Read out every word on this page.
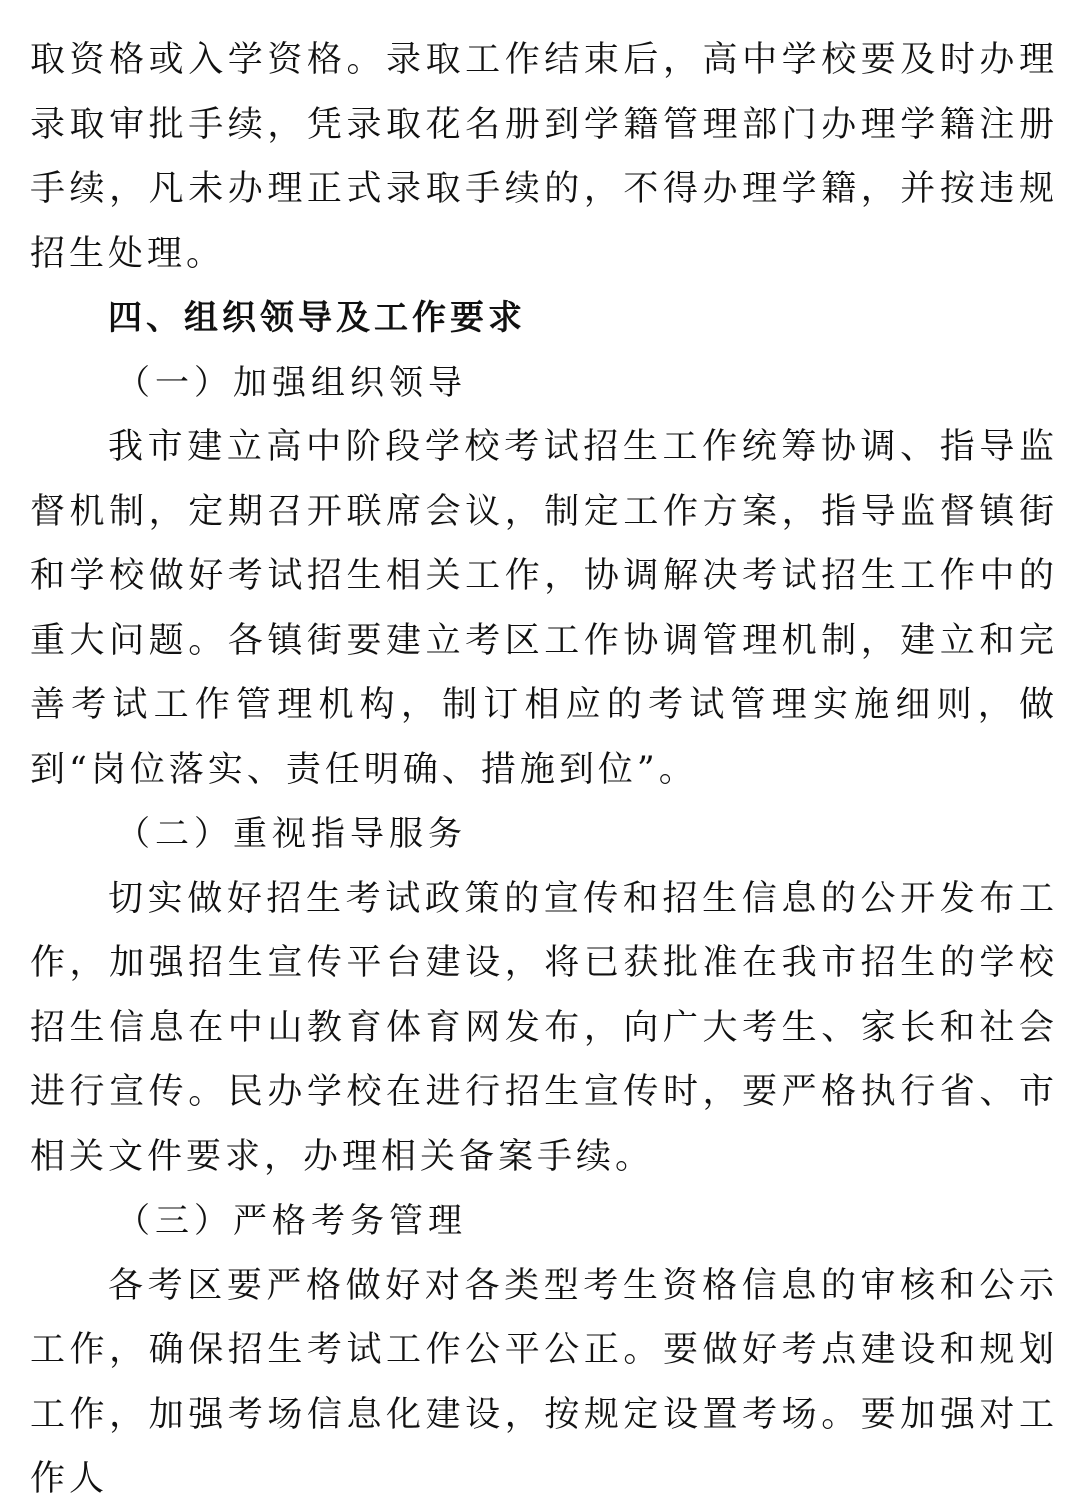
取资格或入学资格。录取工作结束后，高中学校要及时办理录取审批手续，凭录取花名册到学籍管理部门办理学籍注册手续，凡未办理正式录取手续的，不得办理学籍，并按违规招生处理。

四、组织领导及工作要求

（一）加强组织领导

我市建立高中阶段学校考试招生工作统筹协调、指导监督机制，定期召开联席会议，制定工作方案，指导监督镇街和学校做好考试招生相关工作，协调解决考试招生工作中的重大问题。各镇街要建立考区工作协调管理机制，建立和完善考试工作管理机构，制订相应的考试管理实施细则，做到“岗位落实、责任明确、措施到位”。

（二）重视指导服务

切实做好招生考试政策的宣传和招生信息的公开发布工作，加强招生宣传平台建设，将已获批准在我市招生的学校招生信息在中山教育体育网发布，向广大考生、家长和社会进行宣传。民办学校在进行招生宣传时，要严格执行省、市相关文件要求，办理相关备案手续。

（三）严格考务管理

各考区要严格做好对各类型考生资格信息的审核和公示工作，确保招生考试工作公平公正。要做好考点建设和规划工作，加强考场信息化建设，按规定设置考场。要加强对工作人
